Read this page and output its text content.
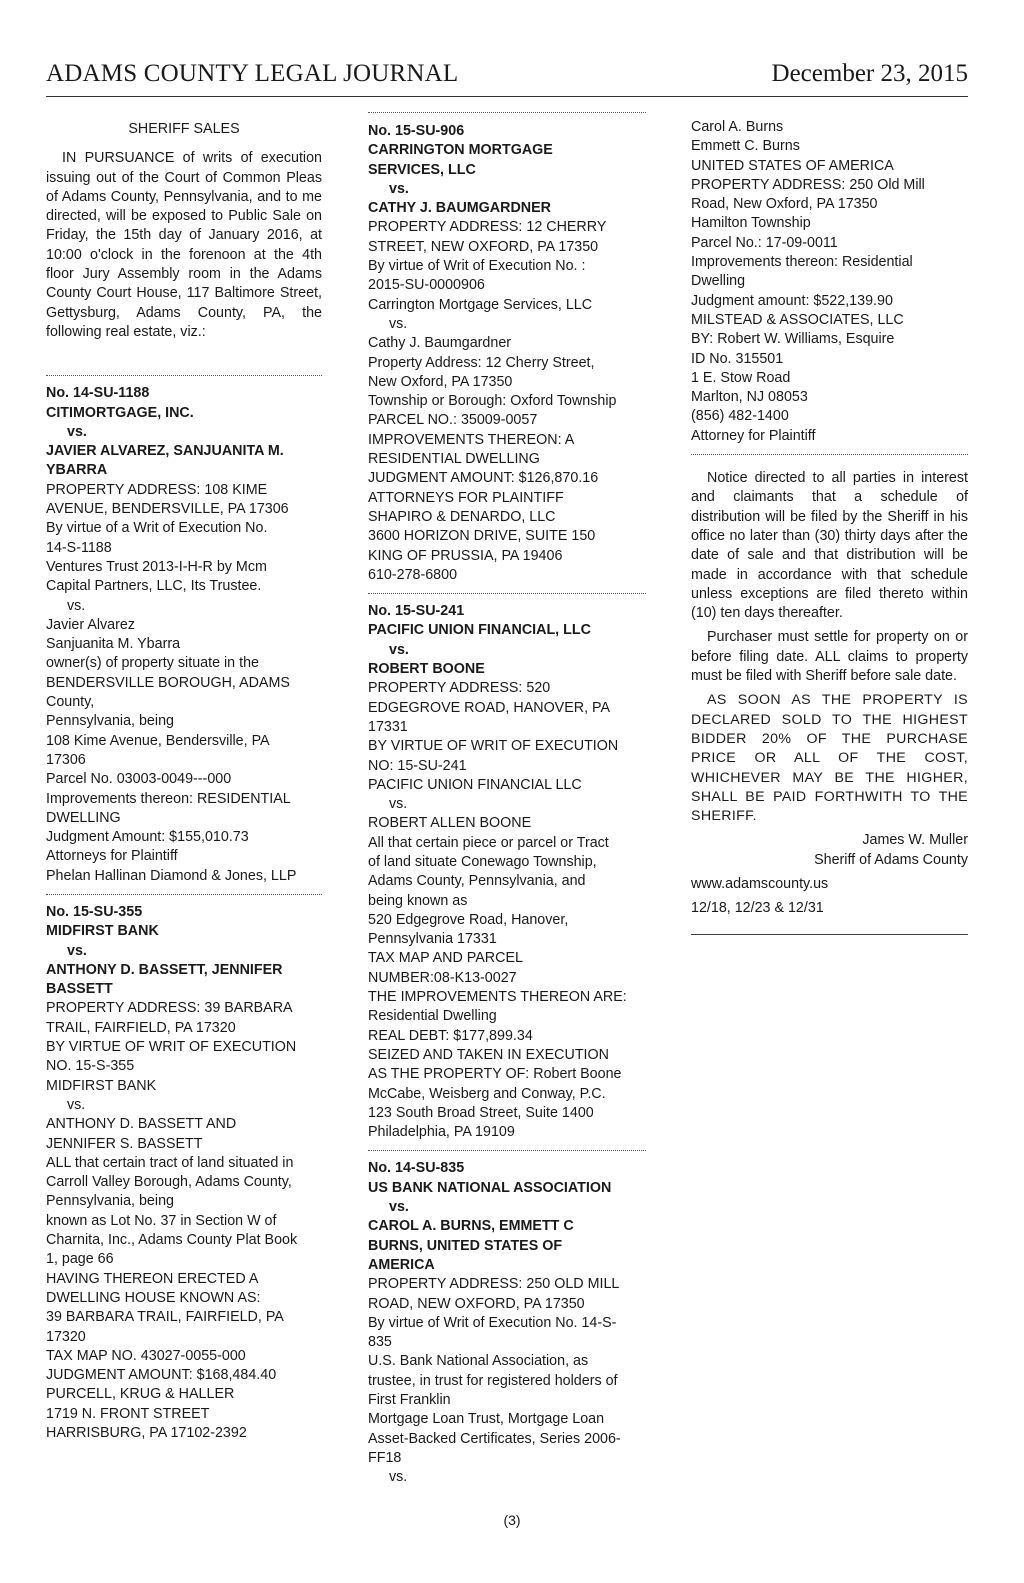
ADAMS COUNTY LEGAL JOURNAL	December 23, 2015
SHERIFF SALES
IN PURSUANCE of writs of execution issuing out of the Court of Common Pleas of Adams County, Pennsylvania, and to me directed, will be exposed to Public Sale on Friday, the 15th day of January 2016, at 10:00 o'clock in the forenoon at the 4th floor Jury Assembly room in the Adams County Court House, 117 Baltimore Street, Gettysburg, Adams County, PA, the following real estate, viz.:
No. 14-SU-1188
CITIMORTGAGE, INC.
vs.
JAVIER ALVAREZ, SANJUANITA M.
YBARRA
PROPERTY ADDRESS: 108 KIME
AVENUE, BENDERSVILLE, PA 17306
By virtue of a Writ of Execution No.
14-S-1188
Ventures Trust 2013-I-H-R by Mcm
Capital Partners, LLC, Its Trustee.
vs.
Javier Alvarez
Sanjuanita M. Ybarra
owner(s) of property situate in the
BENDERSVILLE BOROUGH, ADAMS
County,
Pennsylvania, being
108 Kime Avenue, Bendersville, PA
17306
Parcel No. 03003-0049---000
Improvements thereon: RESIDENTIAL
DWELLING
Judgment Amount: $155,010.73
Attorneys for Plaintiff
Phelan Hallinan Diamond & Jones, LLP
No. 15-SU-355
MIDFIRST BANK
vs.
ANTHONY D. BASSETT, JENNIFER
BASSETT
PROPERTY ADDRESS: 39 BARBARA
TRAIL, FAIRFIELD, PA 17320
BY VIRTUE OF WRIT OF EXECUTION
NO. 15-S-355
MIDFIRST BANK
vs.
ANTHONY D. BASSETT AND
JENNIFER S. BASSETT
ALL that certain tract of land situated in
Carroll Valley Borough, Adams County,
Pennsylvania, being
known as Lot No. 37 in Section W of
Charnita, Inc., Adams County Plat Book
1, page 66
HAVING THEREON ERECTED A
DWELLING HOUSE KNOWN AS:
39 BARBARA TRAIL, FAIRFIELD, PA
17320
TAX MAP NO. 43027-0055-000
JUDGMENT AMOUNT: $168,484.40
PURCELL, KRUG & HALLER
1719 N. FRONT STREET
HARRISBURG, PA 17102-2392
No. 15-SU-906
CARRINGTON MORTGAGE
SERVICES, LLC
vs.
CATHY J. BAUMGARDNER
PROPERTY ADDRESS: 12 CHERRY
STREET, NEW OXFORD, PA 17350
By virtue of Writ of Execution No. :
2015-SU-0000906
Carrington Mortgage Services, LLC
vs.
Cathy J. Baumgardner
Property Address: 12 Cherry Street,
New Oxford, PA 17350
Township or Borough: Oxford Township
PARCEL NO.: 35009-0057
IMPROVEMENTS THEREON: A
RESIDENTIAL DWELLING
JUDGMENT AMOUNT: $126,870.16
ATTORNEYS FOR PLAINTIFF
SHAPIRO & DENARDO, LLC
3600 HORIZON DRIVE, SUITE 150
KING OF PRUSSIA, PA 19406
610-278-6800
No. 15-SU-241
PACIFIC UNION FINANCIAL, LLC
vs.
ROBERT BOONE
PROPERTY ADDRESS: 520
EDGEGROVE ROAD, HANOVER, PA
17331
BY VIRTUE OF WRIT OF EXECUTION
NO: 15-SU-241
PACIFIC UNION FINANCIAL LLC
vs.
ROBERT ALLEN BOONE
All that certain piece or parcel or Tract
of land situate Conewago Township,
Adams County, Pennsylvania, and
being known as
520 Edgegrove Road, Hanover,
Pennsylvania 17331
TAX MAP AND PARCEL
NUMBER:08-K13-0027
THE IMPROVEMENTS THEREON ARE:
Residential Dwelling
REAL DEBT: $177,899.34
SEIZED AND TAKEN IN EXECUTION
AS THE PROPERTY OF: Robert Boone
McCabe, Weisberg and Conway, P.C.
123 South Broad Street, Suite 1400
Philadelphia, PA 19109
No. 14-SU-835
US BANK NATIONAL ASSOCIATION
vs.
CAROL A. BURNS, EMMETT C
BURNS, UNITED STATES OF
AMERICA
PROPERTY ADDRESS: 250 OLD MILL
ROAD, NEW OXFORD, PA 17350
By virtue of Writ of Execution No. 14-S-
835
U.S. Bank National Association, as
trustee, in trust for registered holders of
First Franklin
Mortgage Loan Trust, Mortgage Loan
Asset-Backed Certificates, Series 2006-
FF18
vs.
Carol A. Burns
Emmett C. Burns
UNITED STATES OF AMERICA
PROPERTY ADDRESS: 250 Old Mill
Road, New Oxford, PA 17350
Hamilton Township
Parcel No.: 17-09-0011
Improvements thereon: Residential
Dwelling
Judgment amount: $522,139.90
MILSTEAD & ASSOCIATES, LLC
BY: Robert W. Williams, Esquire
ID No. 315501
1 E. Stow Road
Marlton, NJ 08053
(856) 482-1400
Attorney for Plaintiff
Notice directed to all parties in interest and claimants that a schedule of distribution will be filed by the Sheriff in his office no later than (30) thirty days after the date of sale and that distribution will be made in accordance with that schedule unless exceptions are filed thereto within (10) ten days thereafter.
Purchaser must settle for property on or before filing date. ALL claims to property must be filed with Sheriff before sale date.
AS SOON AS THE PROPERTY IS DECLARED SOLD TO THE HIGHEST BIDDER 20% OF THE PURCHASE PRICE OR ALL OF THE COST, WHICHEVER MAY BE THE HIGHER, SHALL BE PAID FORTHWITH TO THE SHERIFF.
James W. Muller
Sheriff of Adams County
www.adamscounty.us
12/18, 12/23 & 12/31
(3)
